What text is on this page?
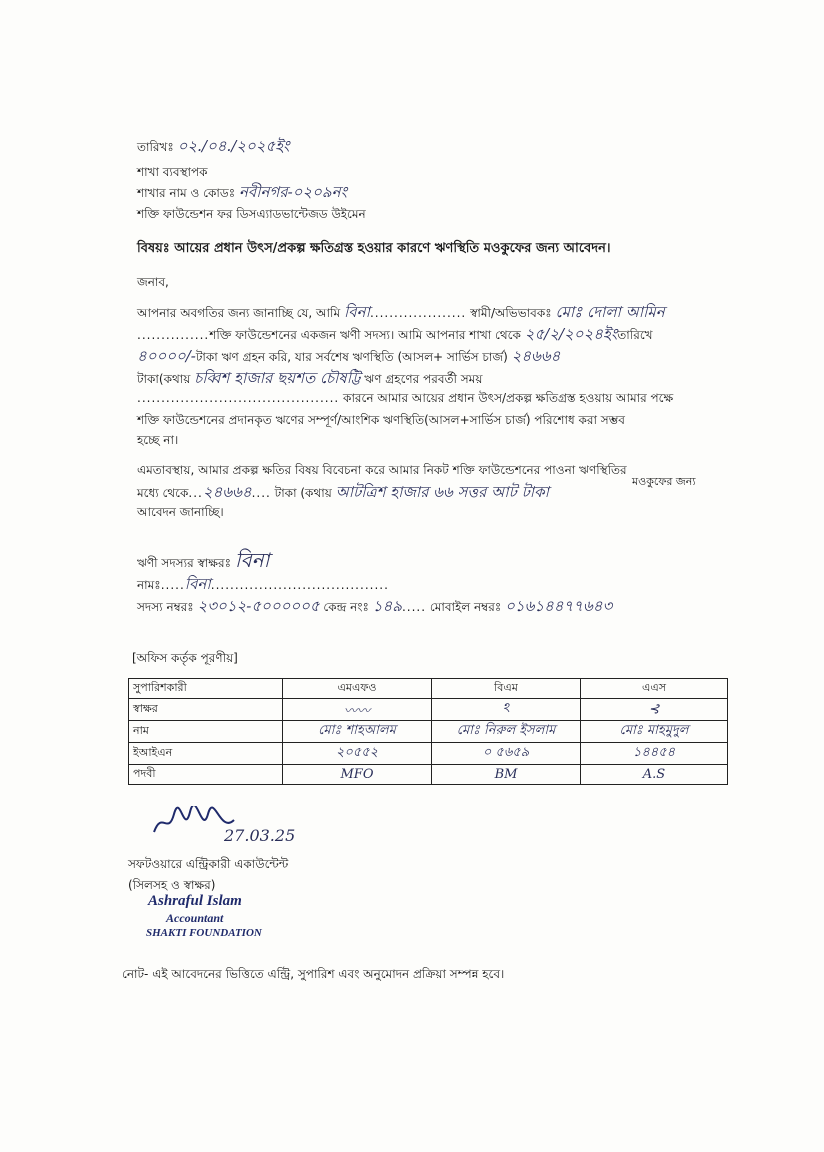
তারিখঃ ০২./০৪./২০২৫ইং
শাখা ব্যবস্থাপক
শাখার নাম ও কোডঃ নবীনগর-০২০৯নং
শক্তি ফাউন্ডেশন ফর ডিসএ্যাডভান্টেজড উইমেন
বিষয়ঃ আয়ের প্রধান উৎস/প্রকল্প ক্ষতিগ্রস্ত হওয়ার কারণে ঋণস্থিতি মওকুফের জন্য আবেদন।
জনাব,
আপনার অবগতির জন্য জানাচ্ছি যে, আমি বিনা.................... স্বামী/অভিভাবকঃ মোঃ দোলা আমিন
...............শক্তি ফাউন্ডেশনের একজন ঋণী সদস্য। আমি আপনার শাখা থেকে ২৫/২/২০২৪ইংতারিখে
৪০০০০/-টাকা ঋণ গ্রহন করি, যার সর্বশেষ ঋণস্থিতি (আসল+ সার্ভিস চার্জ) ২৪৬৬৪
টাকা(কথায় চব্বিশ হাজার ছয়শত চৌষট্টি ঋণ গ্রহণের পরবর্তী সময়
.......................................... কারনে আমার আয়ের প্রধান উৎস/প্রকল্প ক্ষতিগ্রস্ত হওয়ায় আমার পক্ষে
শক্তি ফাউন্ডেশনের প্রদানকৃত ঋণের সম্পূর্ণ/আংশিক ঋণস্থিতি(আসল+সার্ভিস চার্জ) পরিশোধ করা সম্ভব
হচ্ছে না।
এমতাবস্থায়, আমার প্রকল্প ক্ষতির বিষয় বিবেচনা করে আমার নিকট শক্তি ফাউন্ডেশনের পাওনা ঋণস্থিতির
মধ্যে থেকে...২৪৬৬৪.... টাকা (কথায় আটত্রিশ হাজার ৬৬ সত্তর আট টাকা
মওকুফের জন্য
আবেদন জানাচ্ছি।
ঋণী সদস্যর স্বাক্ষরঃ বিনা
নামঃ.....বিনা.....................................
সদস্য নম্বরঃ ২৩০১২-৫০০০০০৫ কেন্দ্র নংঃ ১৪৯..... মোবাইল নম্বরঃ ০১৬১৪৪৭৭৬৪৩
[অফিস কর্তৃক পূরণীয়]
সুপারিশকারী	এমএফও	বিএম	এএস
স্বাক্ষর	〰〰	ঽ	⊰
নাম	মোঃ শাহআলম	মোঃ নিরুল ইসলাম	মোঃ মাহমুদুল
ইআইএন	২০৫৫২	০ ৫৬৫৯	১৪৪৫৪
পদবী	MFO	BM	A.S
27.03.25
সফটওয়ারে এন্ট্রিকারী একাউন্টেন্ট
(সিলসহ ও স্বাক্ষর)
Ashraful Islam
Accountant
SHAKTI FOUNDATION
নোট- এই আবেদনের ভিত্তিতে এন্ট্রি, সুপারিশ এবং অনুমোদন প্রক্রিয়া সম্পন্ন হবে।
